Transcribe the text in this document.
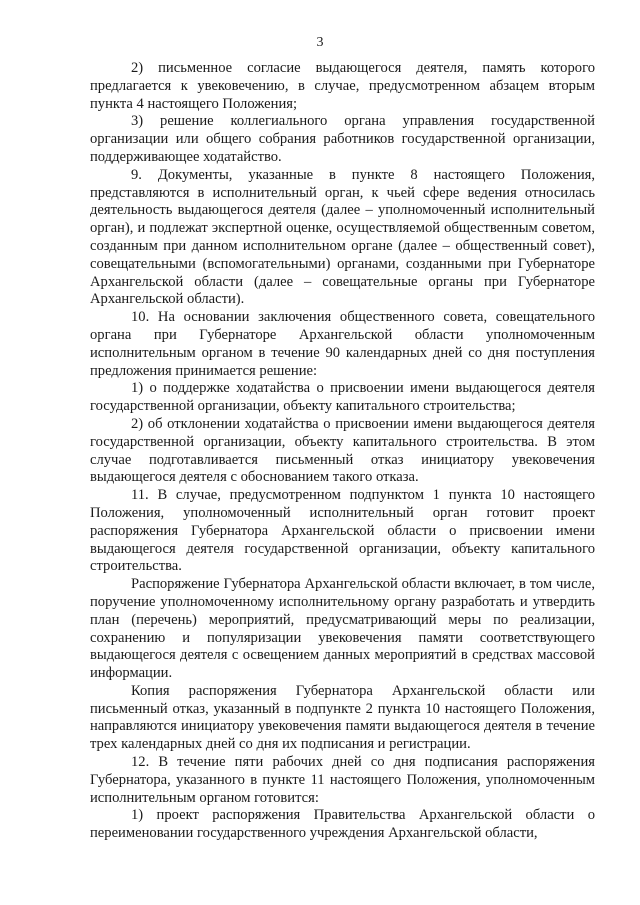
3

2) письменное согласие выдающегося деятеля, память которого предлагается к увековечению, в случае, предусмотренном абзацем вторым пункта 4 настоящего Положения;

3) решение коллегиального органа управления государственной организации или общего собрания работников государственной организации, поддерживающее ходатайство.

9. Документы, указанные в пункте 8 настоящего Положения, представляются в исполнительный орган, к чьей сфере ведения относилась деятельность выдающегося деятеля (далее – уполномоченный исполнительный орган), и подлежат экспертной оценке, осуществляемой общественным советом, созданным при данном исполнительном органе (далее – общественный совет), совещательными (вспомогательными) органами, созданными при Губернаторе Архангельской области (далее – совещательные органы при Губернаторе Архангельской области).

10. На основании заключения общественного совета, совещательного органа при Губернаторе Архангельской области уполномоченным исполнительным органом в течение 90 календарных дней со дня поступления предложения принимается решение:

1) о поддержке ходатайства о присвоении имени выдающегося деятеля государственной организации, объекту капитального строительства;

2) об отклонении ходатайства о присвоении имени выдающегося деятеля государственной организации, объекту капитального строительства. В этом случае подготавливается письменный отказ инициатору увековечения выдающегося деятеля с обоснованием такого отказа.

11. В случае, предусмотренном подпунктом 1 пункта 10 настоящего Положения, уполномоченный исполнительный орган готовит проект распоряжения Губернатора Архангельской области о присвоении имени выдающегося деятеля государственной организации, объекту капитального строительства.

Распоряжение Губернатора Архангельской области включает, в том числе, поручение уполномоченному исполнительному органу разработать и утвердить план (перечень) мероприятий, предусматривающий меры по реализации, сохранению и популяризации увековечения памяти соответствующего выдающегося деятеля с освещением данных мероприятий в средствах массовой информации.

Копия распоряжения Губернатора Архангельской области или письменный отказ, указанный в подпункте 2 пункта 10 настоящего Положения, направляются инициатору увековечения памяти выдающегося деятеля в течение трех календарных дней со дня их подписания и регистрации.

12. В течение пяти рабочих дней со дня подписания распоряжения Губернатора, указанного в пункте 11 настоящего Положения, уполномоченным исполнительным органом готовится:

1) проект распоряжения Правительства Архангельской области о переименовании государственного учреждения Архангельской области,
